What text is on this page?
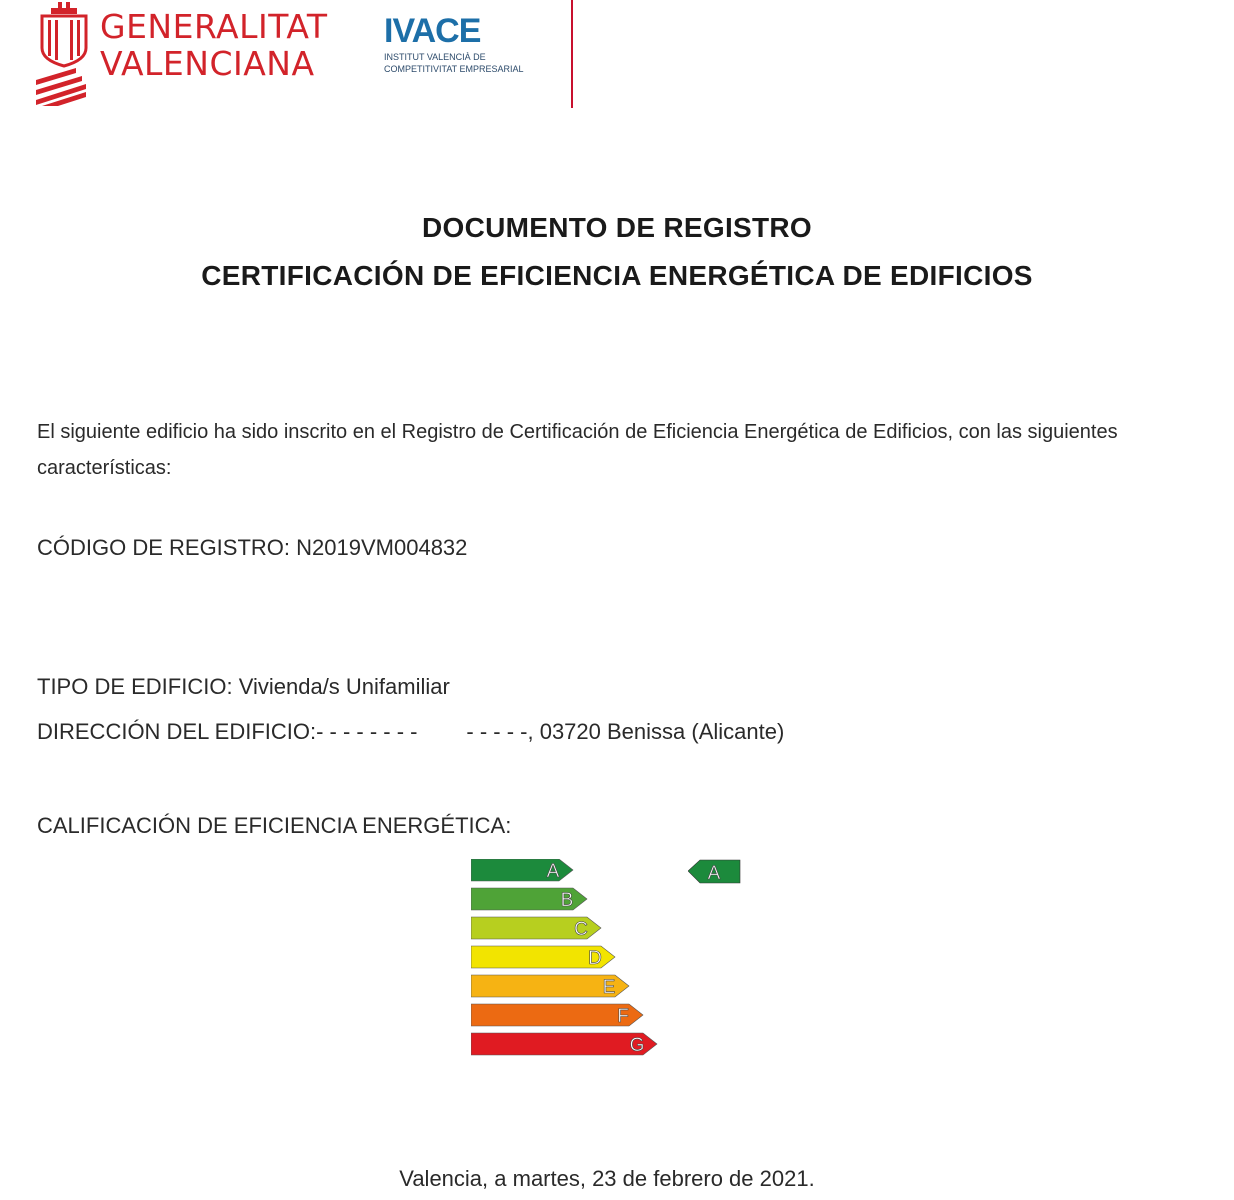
GENERALITAT
VALENCIANA
IVACE
INSTITUT VALENCIÀ DE
COMPETITIVITAT EMPRESARIAL
DOCUMENTO DE REGISTRO
CERTIFICACIÓN DE EFICIENCIA ENERGÉTICA DE EDIFICIOS
El siguiente edificio ha sido inscrito en el Registro de Certificación de Eficiencia Energética de Edificios, con las siguientes características:
CÓDIGO DE REGISTRO: N2019VM004832
TIPO DE EDIFICIO: Vivienda/s Unifamiliar
DIRECCIÓN DEL EDIFICIO:- - - - - - - -        - - - - -, 03720 Benissa (Alicante)
CALIFICACIÓN DE EFICIENCIA ENERGÉTICA:
A
B
C
D
E
F
G
A
Valencia, a martes, 23 de febrero de 2021.
